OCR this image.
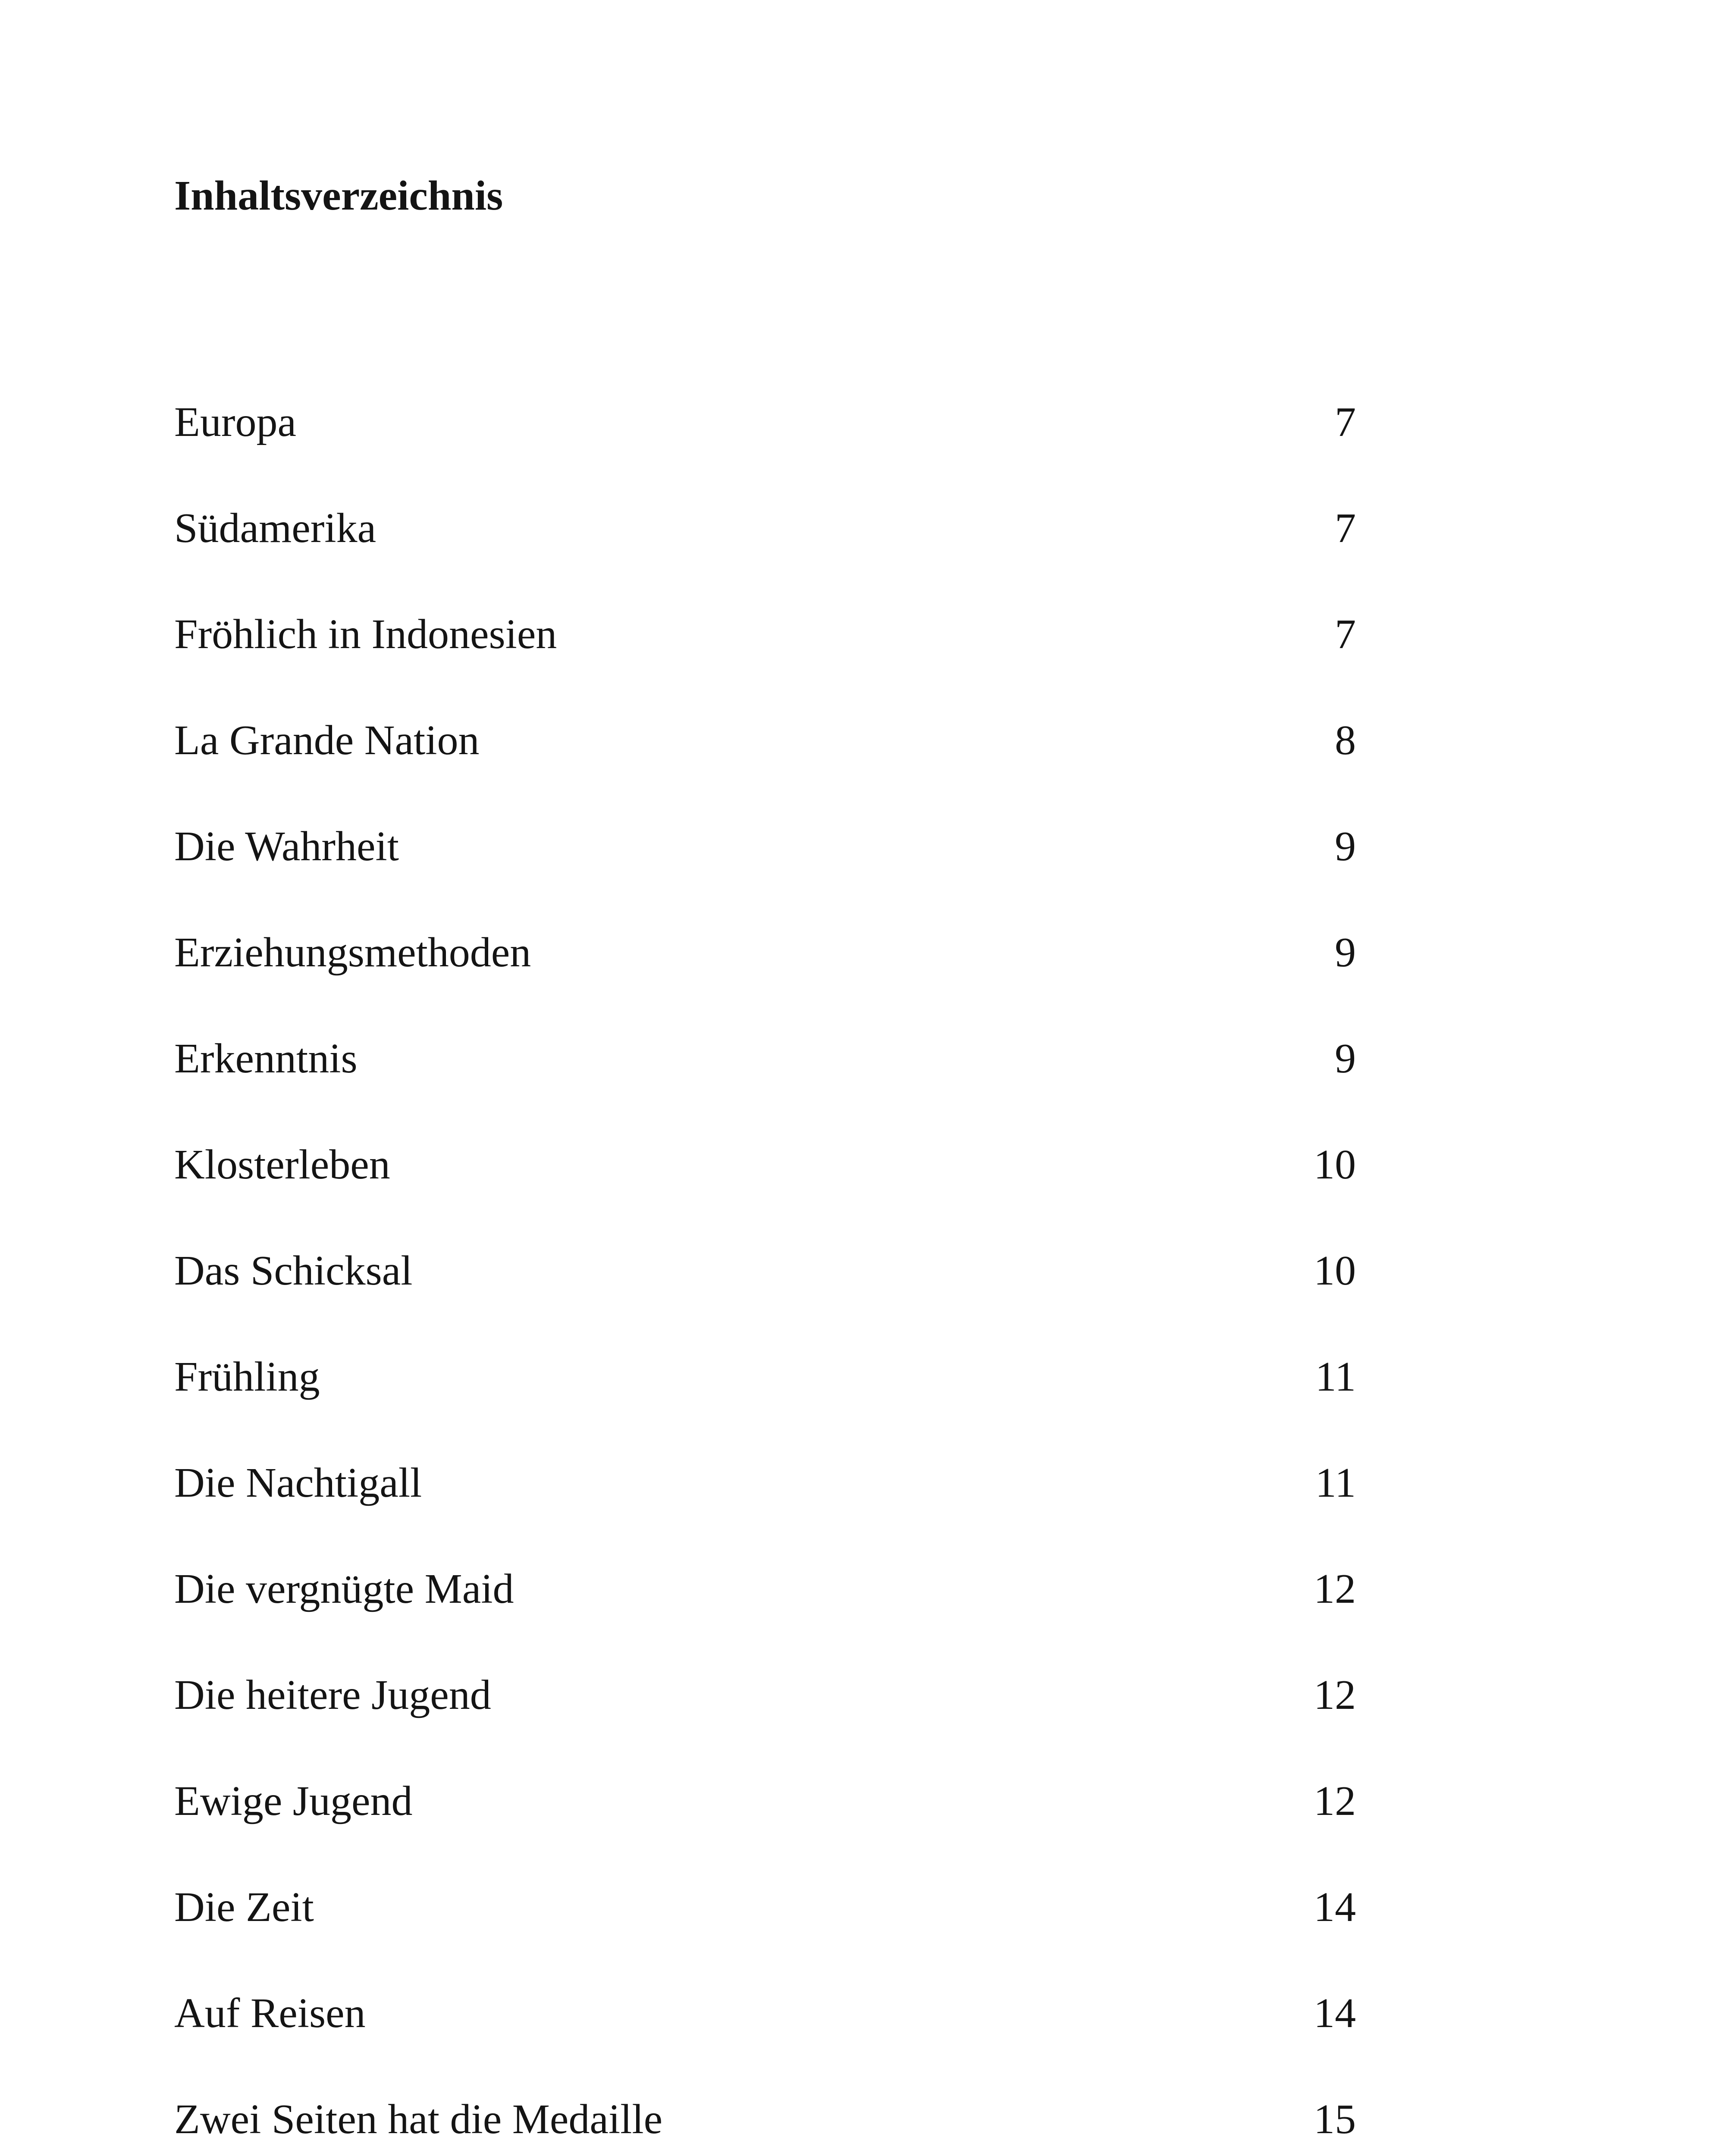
Inhaltsverzeichnis
Europa	7
Südamerika	7
Fröhlich in Indonesien	7
La Grande Nation	8
Die Wahrheit	9
Erziehungsmethoden	9
Erkenntnis	9
Klosterleben	10
Das Schicksal	10
Frühling	11
Die Nachtigall	11
Die vergnügte Maid	12
Die heitere Jugend	12
Ewige Jugend	12
Die Zeit	14
Auf Reisen	14
Zwei Seiten hat die Medaille	15
